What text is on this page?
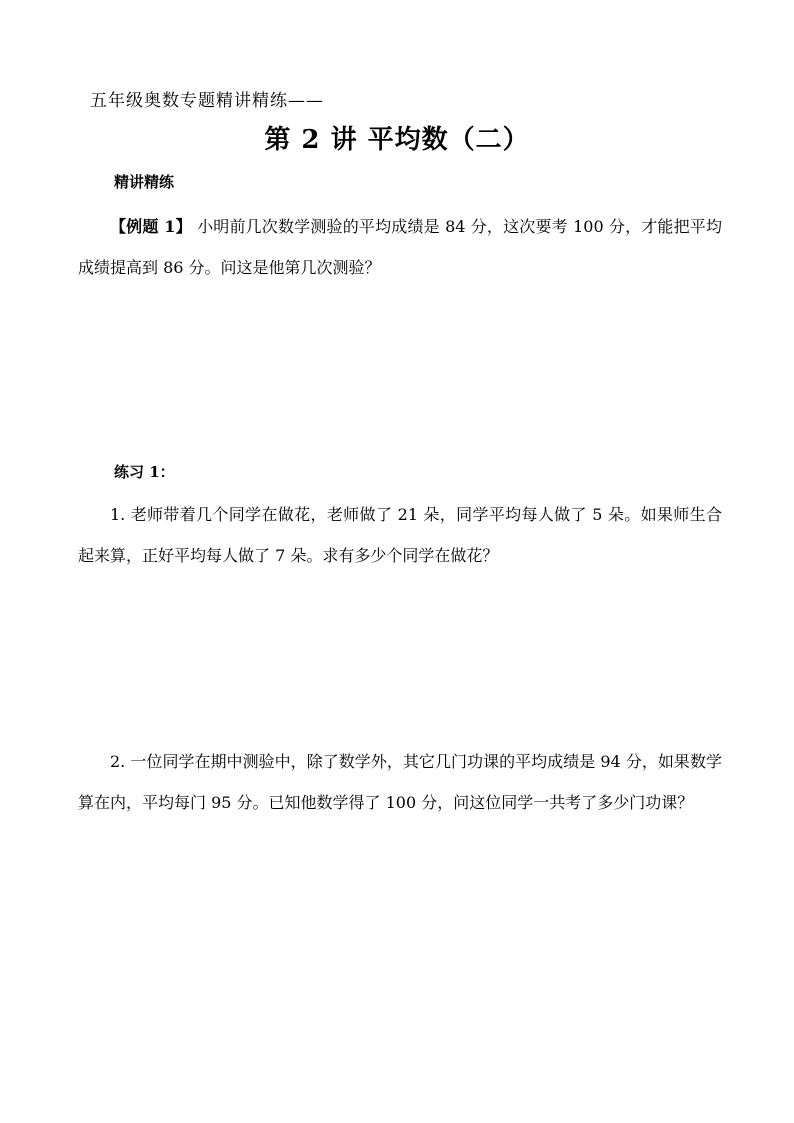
五年级奥数专题精讲精练——
第 2 讲 平均数（二）
精讲精练
【例题 1】 小明前几次数学测验的平均成绩是 84 分，这次要考 100 分，才能把平均成绩提高到 86 分。问这是他第几次测验？
练习 1：
1. 老师带着几个同学在做花，老师做了 21 朵，同学平均每人做了 5 朵。如果师生合起来算，正好平均每人做了 7 朵。求有多少个同学在做花？
2. 一位同学在期中测验中，除了数学外，其它几门功课的平均成绩是 94 分，如果数学算在内，平均每门 95 分。已知他数学得了 100 分，问这位同学一共考了多少门功课？
